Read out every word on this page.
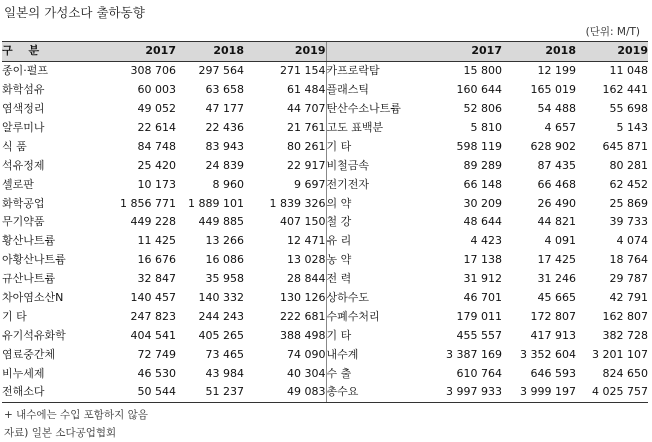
일본의 가성소다 출하동향
(단위: M/T)
구 분	2017	2018	2019		2017	2018	2019
종이·펄프	308 706	297 564	271 154	카프로락탐	15 800	12 199	11 048
화학섬유	60 003	63 658	61 484	플래스틱	160 644	165 019	162 441
염색정리	49 052	47 177	44 707	탄산수소나트륨	52 806	54 488	55 698
알루미나	22 614	22 436	21 761	고도 표백분	5 810	4 657	5 143
식 품	84 748	83 943	80 261	기 타	598 119	628 902	645 871
석유정제	25 420	24 839	22 917	비철금속	89 289	87 435	80 281
셀로판	10 173	8 960	9 697	전기전자	66 148	66 468	62 452
화학공업	1 856 771	1 889 101	1 839 326	의 약	30 209	26 490	25 869
무기약품	449 228	449 885	407 150	철 강	48 644	44 821	39 733
황산나트륨	11 425	13 266	12 471	유 리	4 423	4 091	4 074
아황산나트륨	16 676	16 086	13 028	농 약	17 138	17 425	18 764
규산나트륨	32 847	35 958	28 844	전 력	31 912	31 246	29 787
차아염소산N	140 457	140 332	130 126	상하수도	46 701	45 665	42 791
기 타	247 823	244 243	222 681	수폐수처리	179 011	172 807	162 807
유기석유화학	404 541	405 265	388 498	기 타	455 557	417 913	382 728
염료중간체	72 749	73 465	74 090	내수계	3 387 169	3 352 604	3 201 107
비누세제	46 530	43 984	40 304	수 출	610 764	646 593	824 650
전해소다	50 544	51 237	49 083	총수요	3 997 933	3 999 197	4 025 757
+ 내수에는 수입 포함하지 않음
자료) 일본 소다공업협회
